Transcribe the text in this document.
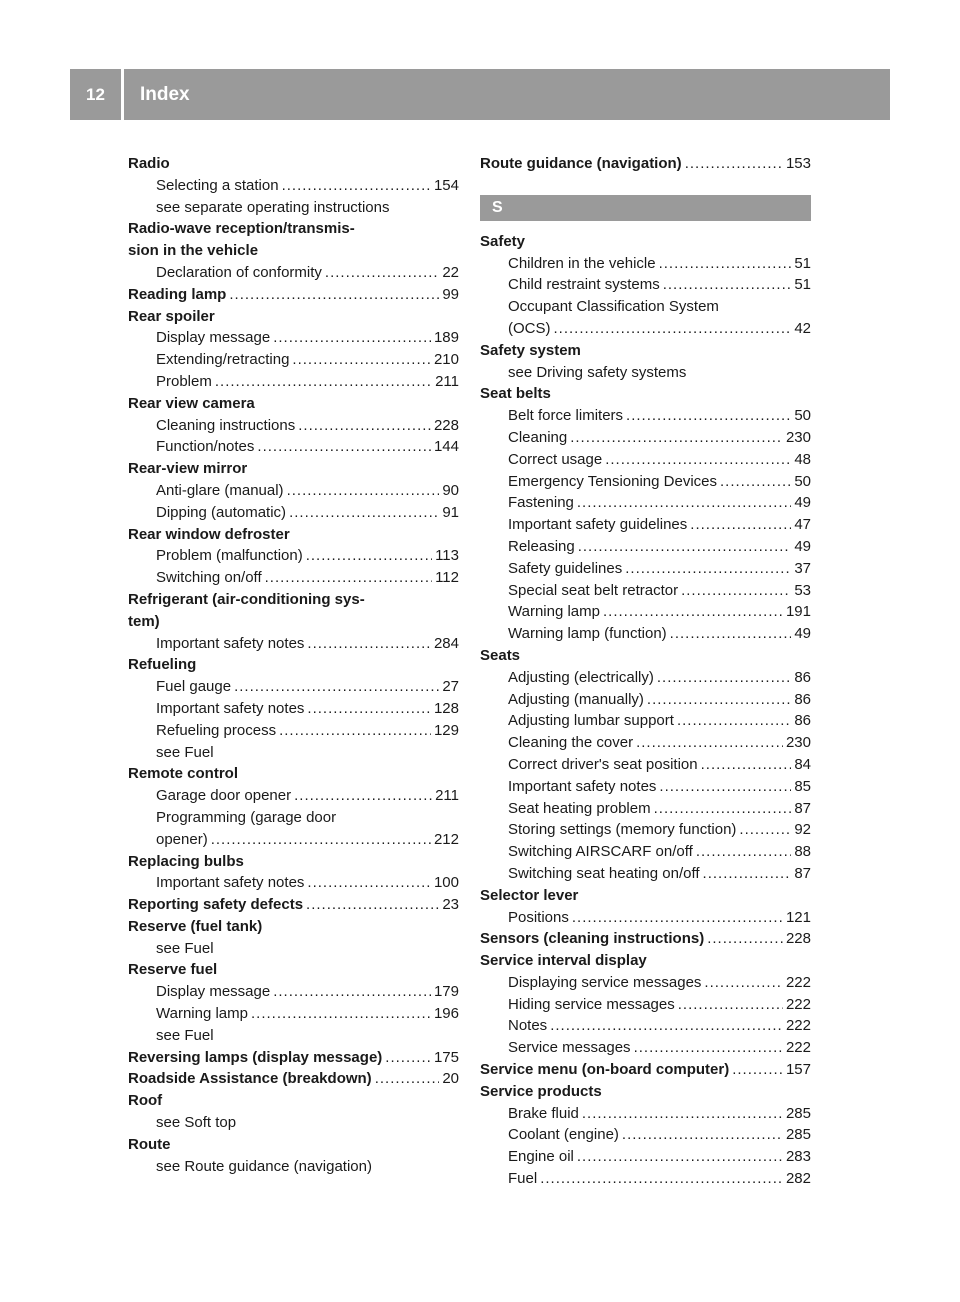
12	Index
Radio
Selecting a station .....	154
see separate operating instructions
Radio-wave reception/transmis-
sion in the vehicle
Declaration of conformity .....	22
Reading lamp .....	99
Rear spoiler
Display message .....	189
Extending/retracting .....	210
Problem .....	211
Rear view camera
Cleaning instructions .....	228
Function/notes .....	144
Rear-view mirror
Anti-glare (manual) .....	90
Dipping (automatic) .....	91
Rear window defroster
Problem (malfunction) .....	113
Switching on/off .....	112
Refrigerant (air-conditioning sys-
tem)
Important safety notes .....	284
Refueling
Fuel gauge .....	27
Important safety notes .....	128
Refueling process .....	129
see Fuel
Remote control
Garage door opener .....	211
Programming (garage door
opener) .....	212
Replacing bulbs
Important safety notes .....	100
Reporting safety defects .....	23
Reserve (fuel tank)
see Fuel
Reserve fuel
Display message .....	179
Warning lamp .....	196
see Fuel
Reversing lamps (display message) .....	175
Roadside Assistance (breakdown) .....	20
Roof
see Soft top
Route
see Route guidance (navigation)
Route guidance (navigation) .....	153
S
Safety
Children in the vehicle .....	51
Child restraint systems .....	51
Occupant Classification System
(OCS) .....	42
Safety system
see Driving safety systems
Seat belts
Belt force limiters .....	50
Cleaning .....	230
Correct usage .....	48
Emergency Tensioning Devices .....	50
Fastening .....	49
Important safety guidelines .....	47
Releasing .....	49
Safety guidelines .....	37
Special seat belt retractor .....	53
Warning lamp .....	191
Warning lamp (function) .....	49
Seats
Adjusting (electrically) .....	86
Adjusting (manually) .....	86
Adjusting lumbar support .....	86
Cleaning the cover .....	230
Correct driver's seat position .....	84
Important safety notes .....	85
Seat heating problem .....	87
Storing settings (memory function) .....	92
Switching AIRSCARF on/off .....	88
Switching seat heating on/off .....	87
Selector lever
Positions .....	121
Sensors (cleaning instructions) .....	228
Service interval display
Displaying service messages .....	222
Hiding service messages .....	222
Notes .....	222
Service messages .....	222
Service menu (on-board computer) .....	157
Service products
Brake fluid .....	285
Coolant (engine) .....	285
Engine oil .....	283
Fuel .....	282
